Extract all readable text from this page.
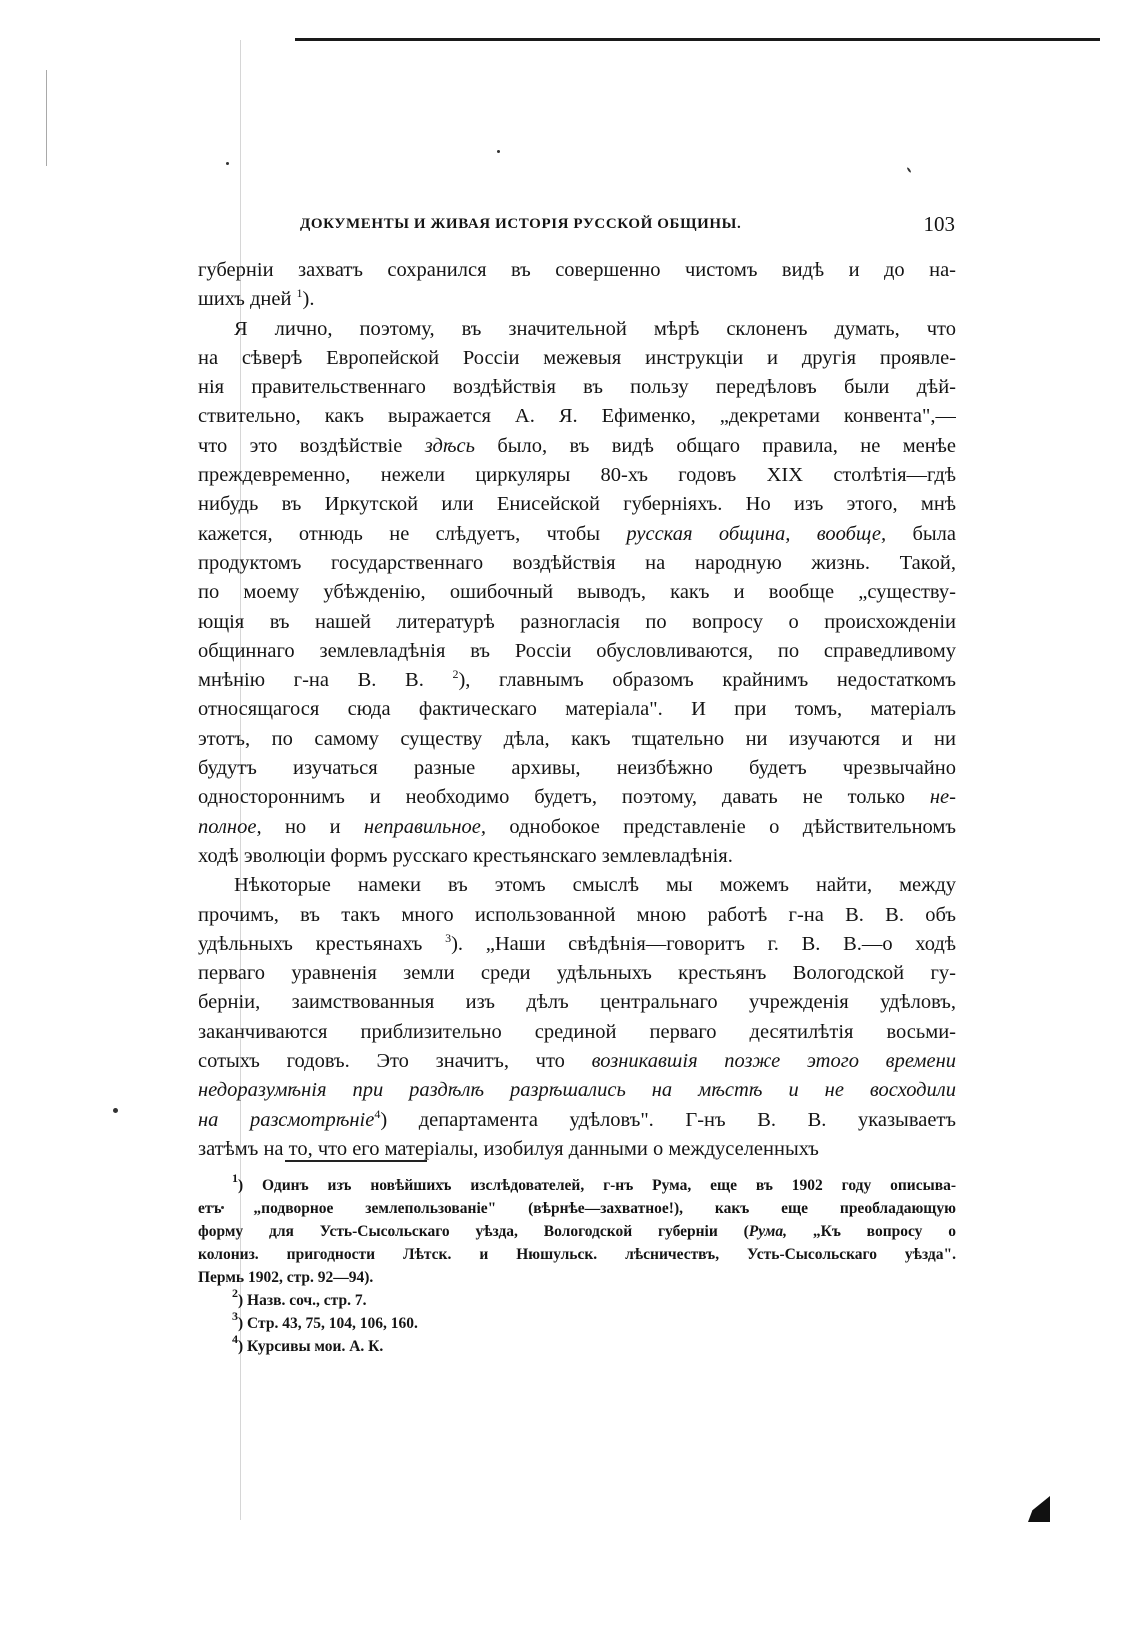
ДОКУМЕНТЫ И ЖИВАЯ ИСТОРІЯ РУССКОЙ ОБЩИНЫ.	103
губерніи захватъ сохранился въ совершенно чистомъ видѣ и до на-
шихъ дней $^1$).
Я лично, поэтому, въ значительной мѣрѣ склоненъ думать, что
на сѣверѣ Европейской Россіи межевыя инструкціи и другія проявле-
нія правительственнаго воздѣйствія въ пользу передѣловъ были дѣй-
ствительно, какъ выражается А. Я. Ефименко, „декретами конвента",—
что это воздѣйствіе здѣсь было, въ видѣ общаго правила, не менѣе
преждевременно, нежели циркуляры 80-хъ годовъ XIX столѣтія—гдѣ
нибудь въ Иркутской или Енисейской губерніяхъ. Но изъ этого, мнѣ
кажется, отнюдь не слѣдуетъ, чтобы русская община, вообще, была
продуктомъ государственнаго воздѣйствія на народную жизнь. Такой,
по моему убѣжденію, ошибочный выводъ, какъ и вообще „существу-
ющія въ нашей литературѣ разногласія по вопросу о происхожденіи
общиннаго землевладѣнія въ Россіи обусловливаются, по справедливому
мнѣнію г-на В. В. $^2$), главнымъ образомъ крайнимъ недостаткомъ
относящагося сюда фактическаго матеріала". И при томъ, матеріалъ
этотъ, по самому существу дѣла, какъ тщательно ни изучаются и ни
будутъ изучаться разные архивы, неизбѣжно будетъ чрезвычайно
одностороннимъ и необходимо будетъ, поэтому, давать не только не-
полное, но и неправильное, однобокое представленіе о дѣйствительномъ
ходѣ эволюціи формъ русскаго крестьянскаго землевладѣнія.
Нѣкоторые намеки въ этомъ смыслѣ мы можемъ найти, между
прочимъ, въ такъ много использованной мною работѣ г-на В. В. объ
удѣльныхъ крестьянахъ $^3$). „Наши свѣдѣнія—говоритъ г. В. В.—о ходѣ
перваго уравненія земли среди удѣльныхъ крестьянъ Вологодской гу-
берніи, заимствованныя изъ дѣлъ центральнаго учрежденія удѣловъ,
заканчиваются приблизительно срединой перваго десятилѣтія восьми-
сотыхъ годовъ. Это значитъ, что возникавшія позже этого времени
недоразумѣнія при раздѣлѣ разрѣшались на мѣстѣ и не восходили
на разсмотрѣніе$^4$) департамента удѣловъ". Г-нъ В. В. указываетъ
затѣмъ на то, что его матеріалы, изобилуя данными о междуселенныхъ
$^1$) Одинъ изъ новѣйшихъ изслѣдователей, г-нъ Рума, еще въ 1902 году описыва-
етъ „подворное землепользованіе" (вѣрнѣе—захватное!), какъ еще преобладающую
форму для Усть-Сысольскаго уѣзда, Вологодской губерніи (Рума, „Къ вопросу о
колониз. пригодности Лѣтск. и Нюшульск. лѣсничествъ, Усть-Сысольскаго уѣзда".
Пермь 1902, стр. 92—94).
$^2$) Назв. соч., стр. 7.
$^3$) Стр. 43, 75, 104, 106, 160.
$^4$) Курсивы мои. А. К.
